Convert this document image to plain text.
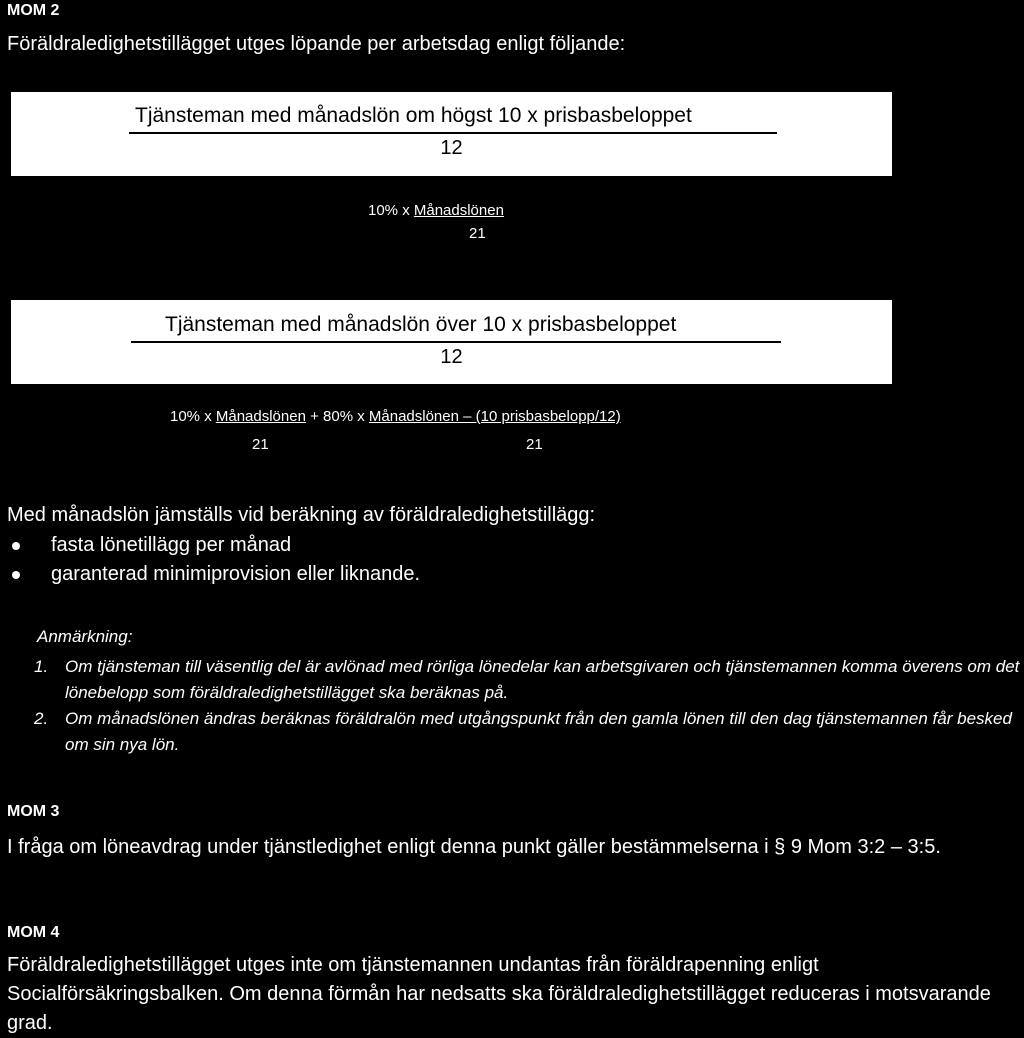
MOM 2
Föräldraledighetstillägget utges löpande per arbetsdag enligt följande:
Tjänsteman med månadslön om högst 10 x prisbasbeloppet
12
10% x Månadslönen
21
Tjänsteman med månadslön över 10 x prisbasbeloppet
12
10% x Månadslönen + 80% x Månadslönen – (10 prisbasbelopp/12)
21	21
Med månadslön jämställs vid beräkning av föräldraledighetstillägg:
fasta lönetillägg per månad
garanterad minimiprovision eller liknande.
Anmärkning:
1. Om tjänsteman till väsentlig del är avlönad med rörliga lönedelar kan arbetsgivaren och tjänstemannen komma överens om det lönebelopp som föräldraledighetstillägget ska beräknas på.
2. Om månadslönen ändras beräknas föräldralön med utgångspunkt från den gamla lönen till den dag tjänstemannen får besked om sin nya lön.
MOM 3
I fråga om löneavdrag under tjänstledighet enligt denna punkt gäller bestämmelserna i § 9 Mom 3:2 – 3:5.
MOM 4
Föräldraledighetstillägget utges inte om tjänstemannen undantas från föräldrapenning enligt Socialförsäkringsbalken. Om denna förmån har nedsatts ska föräldraledighetstillägget reduceras i motsvarande grad.
